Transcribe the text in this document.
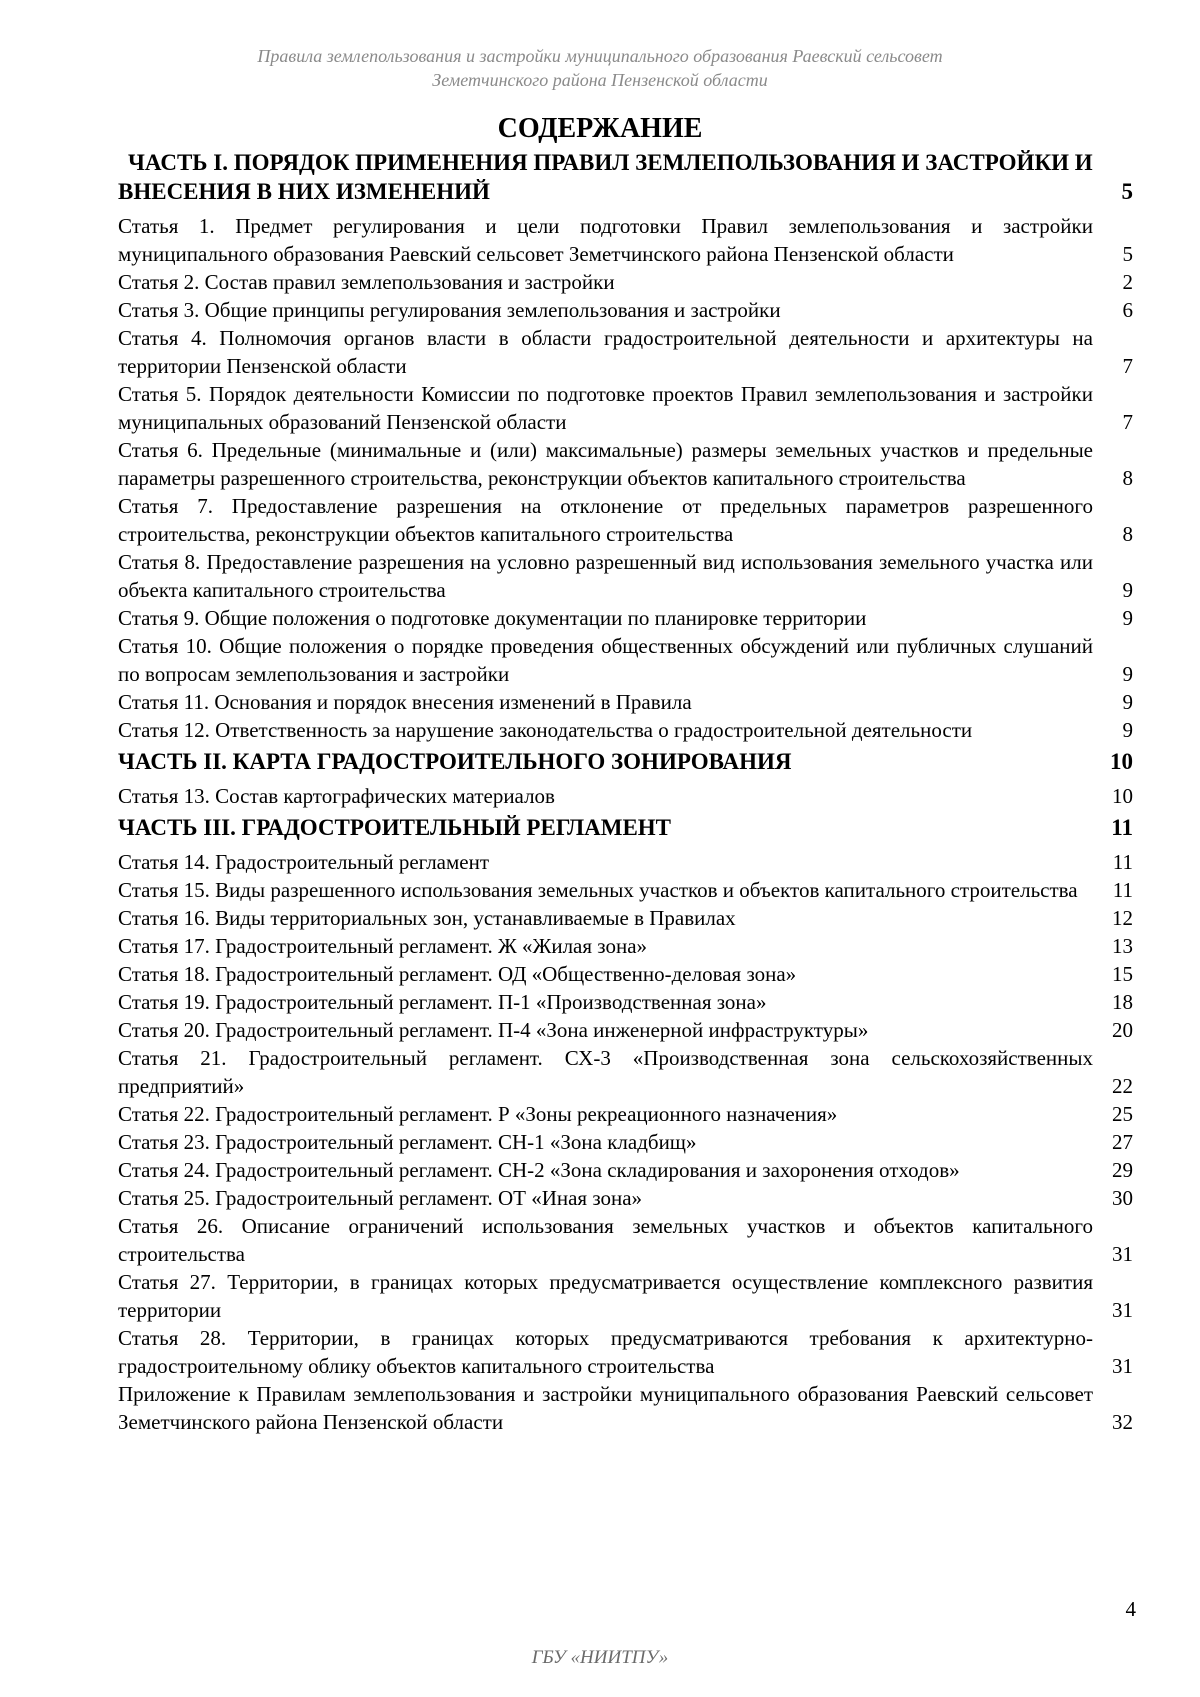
Правила землепользования и застройки муниципального образования Раевский сельсовет
Земетчинского района Пензенской области
СОДЕРЖАНИЕ
ЧАСТЬ I. ПОРЯДОК ПРИМЕНЕНИЯ ПРАВИЛ ЗЕМЛЕПОЛЬЗОВАНИЯ И ЗАСТРОЙКИ И ВНЕСЕНИЯ В НИХ ИЗМЕНЕНИЙ	5
Статья 1. Предмет регулирования и цели подготовки Правил землепользования и застройки муниципального образования Раевский сельсовет Земетчинского района Пензенской области	5
Статья 2. Состав правил землепользования и застройки	2
Статья 3. Общие принципы регулирования землепользования и застройки	6
Статья 4. Полномочия органов власти в области градостроительной деятельности и архитектуры на территории Пензенской области	7
Статья 5. Порядок деятельности Комиссии по подготовке проектов Правил землепользования и застройки муниципальных образований Пензенской области	7
Статья 6. Предельные (минимальные и (или) максимальные) размеры земельных участков и предельные параметры разрешенного строительства, реконструкции объектов капитального строительства	8
Статья 7. Предоставление разрешения на отклонение от предельных параметров разрешенного строительства, реконструкции объектов капитального строительства	8
Статья 8. Предоставление разрешения на условно разрешенный вид использования земельного участка или объекта капитального строительства	9
Статья 9. Общие положения о подготовке документации по планировке территории	9
Статья 10. Общие положения о порядке проведения общественных обсуждений или публичных слушаний по вопросам землепользования и застройки	9
Статья 11. Основания и порядок внесения изменений в Правила	9
Статья 12. Ответственность за нарушение законодательства о градостроительной деятельности	9
ЧАСТЬ II. КАРТА ГРАДОСТРОИТЕЛЬНОГО ЗОНИРОВАНИЯ	10
Статья 13. Состав картографических материалов	10
ЧАСТЬ III. ГРАДОСТРОИТЕЛЬНЫЙ РЕГЛАМЕНТ	11
Статья 14. Градостроительный регламент	11
Статья 15. Виды разрешенного использования земельных участков и объектов капитального строительства 11
Статья 16. Виды территориальных зон, устанавливаемые в Правилах	12
Статья 17. Градостроительный регламент. Ж «Жилая зона»	13
Статья 18. Градостроительный регламент. ОД «Общественно-деловая зона»	15
Статья 19. Градостроительный регламент. П-1 «Производственная зона»	18
Статья 20. Градостроительный регламент. П-4 «Зона инженерной инфраструктуры»	20
Статья 21. Градостроительный регламент. СХ-3 «Производственная зона сельскохозяйственных предприятий»	22
Статья 22. Градостроительный регламент. Р «Зоны рекреационного назначения»	25
Статья 23. Градостроительный регламент. СН-1 «Зона кладбищ»	27
Статья 24. Градостроительный регламент. СН-2 «Зона складирования и захоронения отходов»	29
Статья 25. Градостроительный регламент. ОТ «Иная зона»	30
Статья 26. Описание ограничений использования земельных участков и объектов капитального строительства	31
Статья 27. Территории, в границах которых предусматривается осуществление комплексного развития территории	31
Статья 28. Территории, в границах которых предусматриваются требования к архитектурно-градостроительному облику объектов капитального строительства	31
Приложение к Правилам землепользования и застройки муниципального образования Раевский сельсовет Земетчинского района Пензенской области	32
4
ГБУ «НИИТПУ»
